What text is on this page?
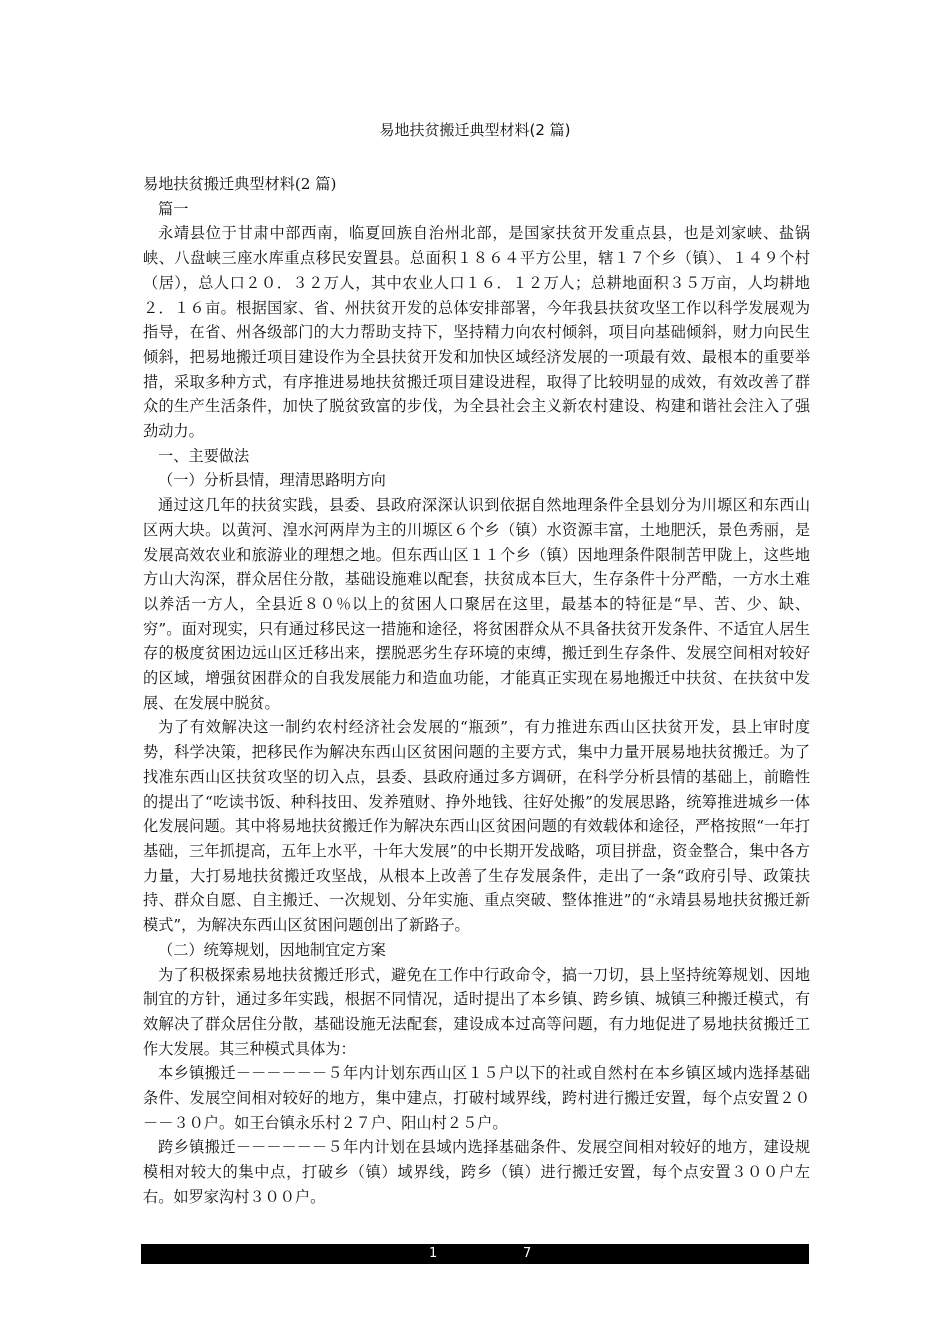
易地扶贫搬迁典型材料(2 篇)

易地扶贫搬迁典型材料(2 篇)

篇一

永靖县位于甘肃中部西南，临夏回族自治州北部，是国家扶贫开发重点县，也是刘家峡、盐锅峡、八盘峡三座水库重点移民安置县。总面积１８６４平方公里，辖１７个乡（镇）、１４９个村（居），总人口２０．３２万人，其中农业人口１６．１２万人；总耕地面积３５万亩，人均耕地２．１６亩。根据国家、省、州扶贫开发的总体安排部署，今年我县扶贫攻坚工作以科学发展观为指导，在省、州各级部门的大力帮助支持下，坚持精力向农村倾斜，项目向基础倾斜，财力向民生倾斜，把易地搬迁项目建设作为全县扶贫开发和加快区域经济发展的一项最有效、最根本的重要举措，采取多种方式，有序推进易地扶贫搬迁项目建设进程，取得了比较明显的成效，有效改善了群众的生产生活条件，加快了脱贫致富的步伐，为全县社会主义新农村建设、构建和谐社会注入了强劲动力。

一、主要做法

（一）分析县情，理清思路明方向

通过这几年的扶贫实践，县委、县政府深深认识到依据自然地理条件全县划分为川塬区和东西山区两大块。以黄河、湟水河两岸为主的川塬区６个乡（镇）水资源丰富，土地肥沃，景色秀丽，是发展高效农业和旅游业的理想之地。但东西山区１１个乡（镇）因地理条件限制苦甲陇上，这些地方山大沟深，群众居住分散，基础设施难以配套，扶贫成本巨大，生存条件十分严酷，一方水土难以养活一方人，全县近８０％以上的贫困人口聚居在这里，最基本的特征是“旱、苦、少、缺、穷”。面对现实，只有通过移民这一措施和途径，将贫困群众从不具备扶贫开发条件、不适宜人居生存的极度贫困边远山区迁移出来，摆脱恶劣生存环境的束缚，搬迁到生存条件、发展空间相对较好的区域，增强贫困群众的自我发展能力和造血功能，才能真正实现在易地搬迁中扶贫、在扶贫中发展、在发展中脱贫。

为了有效解决这一制约农村经济社会发展的“瓶颈”，有力推进东西山区扶贫开发，县上审时度势，科学决策，把移民作为解决东西山区贫困问题的主要方式，集中力量开展易地扶贫搬迁。为了找准东西山区扶贫攻坚的切入点，县委、县政府通过多方调研，在科学分析县情的基础上，前瞻性的提出了“吃读书饭、种科技田、发养殖财、挣外地钱、往好处搬”的发展思路，统筹推进城乡一体化发展问题。其中将易地扶贫搬迁作为解决东西山区贫困问题的有效载体和途径，严格按照“一年打基础，三年抓提高，五年上水平，十年大发展”的中长期开发战略，项目拼盘，资金整合，集中各方力量，大打易地扶贫搬迁攻坚战，从根本上改善了生存发展条件，走出了一条“政府引导、政策扶持、群众自愿、自主搬迁、一次规划、分年实施、重点突破、整体推进”的“永靖县易地扶贫搬迁新模式”，为解决东西山区贫困问题创出了新路子。

（二）统筹规划，因地制宜定方案

为了积极探索易地扶贫搬迁形式，避免在工作中行政命令，搞一刀切，县上坚持统筹规划、因地制宜的方针，通过多年实践，根据不同情况，适时提出了本乡镇、跨乡镇、城镇三种搬迁模式，有效解决了群众居住分散，基础设施无法配套，建设成本过高等问题，有力地促进了易地扶贫搬迁工作大发展。其三种模式具体为：

本乡镇搬迁－－－－－－５年内计划东西山区１５户以下的社或自然村在本乡镇区域内选择基础条件、发展空间相对较好的地方，集中建点，打破村域界线，跨村进行搬迁安置，每个点安置２０－－３０户。如王台镇永乐村２７户、阳山村２５户。

跨乡镇搬迁－－－－－－５年内计划在县域内选择基础条件、发展空间相对较好的地方，建设规模相对较大的集中点，打破乡（镇）域界线，跨乡（镇）进行搬迁安置，每个点安置３００户左右。如罗家沟村３００户。

1	7
